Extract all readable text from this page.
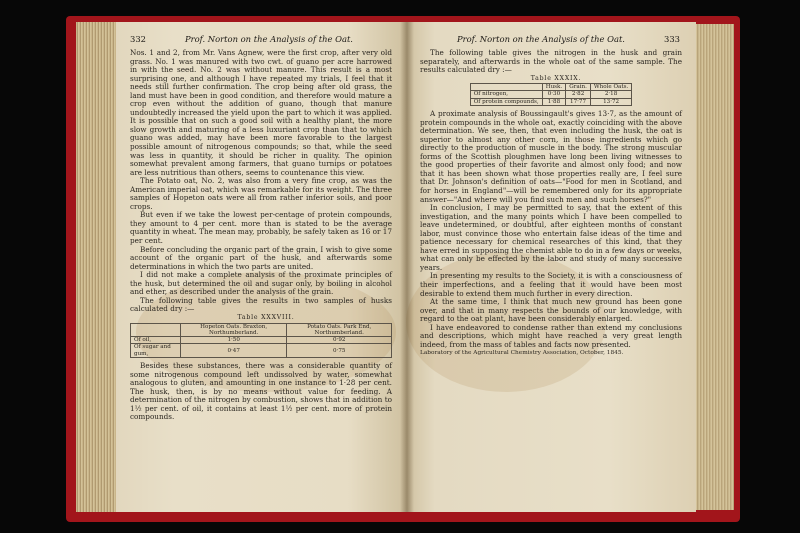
332	Prof. Norton on the Analysis of the Oat.	Prof. Norton on the Analysis of the Oat.	333

Nos. 1 and 2, from Mr. Vans Agnew, were the first crop, after very old grass. No. 1 was manured with two cwt. of guano per acre harrowed in with the seed. No. 2 was without manure. This result is a most surprising one, and although I have repeated my trials, I feel that it needs still further confirmation. The crop being after old grass, the land must have been in good condition, and therefore would mature a crop even without the addition of guano, though that manure undoubtedly increased the yield upon the part to which it was applied. It is possible that on such a good soil with a healthy plant, the more slow growth and maturing of a less luxuriant crop than that to which guano was added, may have been more favorable to the largest possible amount of nitrogenous compounds; so that, while the seed was less in quantity, it should be richer in quality. The opinion somewhat prevalent among farmers, that guano turnips or potatoes are less nutritious than others, seems to countenance this view.

The Potato oat, No. 2, was also from a very fine crop, as was the American imperial oat, which was remarkable for its weight. The three samples of Hopeton oats were all from rather inferior soils, and poor crops.

But even if we take the lowest per-centage of protein compounds, they amount to 4 per cent. more than is stated to be the average quantity in wheat. The mean may, probably, be safely taken as 16 or 17 per cent.

Before concluding the organic part of the grain, I wish to give some account of the organic part of the husk, and afterwards some determinations in which the two parts are united.

I did not make a complete analysis of the proximate principles of the husk, but determined the oil and sugar only, by boiling in alcohol and ether, as described under the analysis of the grain.

The following table gives the results in two samples of husks calculated dry :—

Table XXXVIII.

	Hopeton Oats. Braxton, Northumberland.	Potato Oats. Park End, Northumberland.
Of oil,	1·50	0·92
Of sugar and gum,	0·47	0·75

Besides these substances, there was a considerable quantity of some nitrogenous compound left undissolved by water, somewhat analogous to gluten, and amounting in one instance to 1·28 per cent. The husk, then, is by no means without value for feeding. A determination of the nitrogen by combustion, shows that in addition to 1½ per cent. of oil, it contains at least 1½ per cent. more of protein compounds.

The following table gives the nitrogen in the husk and grain separately, and afterwards in the whole oat of the same sample. The results calculated dry :—

Table XXXIX.

	Husk.	Grain.	Whole Oats.
Of nitrogen,	0·30	2·82	2·18
Of protein compounds,	1·88	17·77	13·72

A proximate analysis of Boussingault's gives 13·7, as the amount of protein compounds in the whole oat, exactly coinciding with the above determination. We see, then, that even including the husk, the oat is superior to almost any other corn, in those ingredients which go directly to the production of muscle in the body. The strong muscular forms of the Scottish ploughmen have long been living witnesses to the good properties of their favorite and almost only food; and now that it has been shown what those properties really are, I feel sure that Dr. Johnson's definition of oats—"Food for men in Scotland, and for horses in England"—will be remembered only for its appropriate answer—"And where will you find such men and such horses?"

In conclusion, I may be permitted to say, that the extent of this investigation, and the many points which I have been compelled to leave undetermined, or doubtful, after eighteen months of constant labor, must convince those who entertain false ideas of the time and patience necessary for chemical researches of this kind, that they have erred in supposing the chemist able to do in a few days or weeks, what can only be effected by the labor and study of many successive years.

In presenting my results to the Society, it is with a consciousness of their imperfections, and a feeling that it would have been most desirable to extend them much further in every direction.

At the same time, I think that much new ground has been gone over, and that in many respects the bounds of our knowledge, with regard to the oat plant, have been considerably enlarged.

I have endeavored to condense rather than extend my conclusions and descriptions, which might have reached a very great length indeed, from the mass of tables and facts now presented.

Laboratory of the Agricultural Chemistry Association, October, 1845.
